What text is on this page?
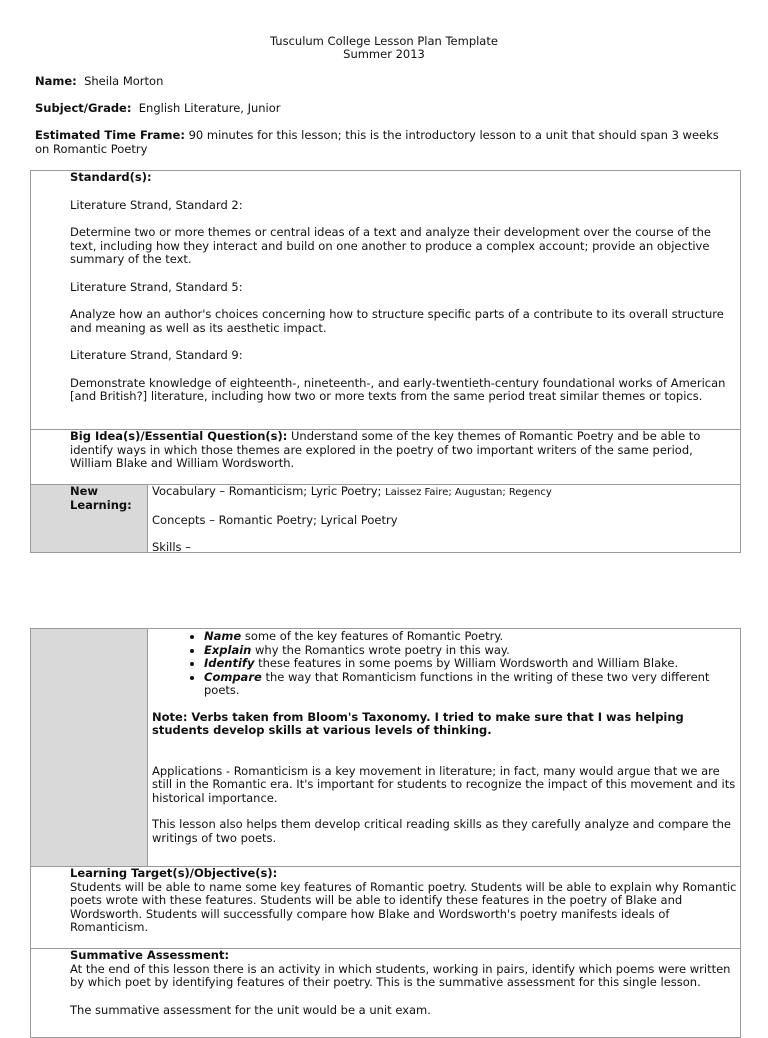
Tusculum College Lesson Plan Template
Summer 2013
Name: Sheila Morton
Subject/Grade: English Literature, Junior
Estimated Time Frame: 90 minutes for this lesson; this is the introductory lesson to a unit that should span 3 weeks on Romantic Poetry

Standard(s):

Literature Strand, Standard 2:

Determine two or more themes or central ideas of a text and analyze their development over the course of the text, including how they interact and build on one another to produce a complex account; provide an objective summary of the text.

Literature Strand, Standard 5:

Analyze how an author's choices concerning how to structure specific parts of a contribute to its overall structure and meaning as well as its aesthetic impact.

Literature Strand, Standard 9:

Demonstrate knowledge of eighteenth-, nineteenth-, and early-twentieth-century foundational works of American [and British?] literature, including how two or more texts from the same period treat similar themes or topics.

Big Idea(s)/Essential Question(s): Understand some of the key themes of Romantic Poetry and be able to identify ways in which those themes are explored in the poetry of two important writers of the same period, William Blake and William Wordsworth.
New Learning:

Vocabulary – Romanticism; Lyric Poetry; Laissez Faire; Augustan; Regency

Concepts – Romantic Poetry; Lyrical Poetry

Skills –

• Name some of the key features of Romantic Poetry.
• Explain why the Romantics wrote poetry in this way.
• Identify these features in some poems by William Wordsworth and William Blake.
• Compare the way that Romanticism functions in the writing of these two very different poets.

Note: Verbs taken from Bloom's Taxonomy. I tried to make sure that I was helping students develop skills at various levels of thinking.

Applications - Romanticism is a key movement in literature; in fact, many would argue that we are still in the Romantic era. It's important for students to recognize the impact of this movement and its historical importance.

This lesson also helps them develop critical reading skills as they carefully analyze and compare the writings of two poets.

Learning Target(s)/Objective(s):

Students will be able to name some key features of Romantic poetry. Students will be able to explain why Romantic poets wrote with these features. Students will be able to identify these features in the poetry of Blake and Wordsworth. Students will successfully compare how Blake and Wordsworth's poetry manifests ideals of Romanticism.

Summative Assessment:

At the end of this lesson there is an activity in which students, working in pairs, identify which poems were written by which poet by identifying features of their poetry. This is the summative assessment for this single lesson.

The summative assessment for the unit would be a unit exam.
